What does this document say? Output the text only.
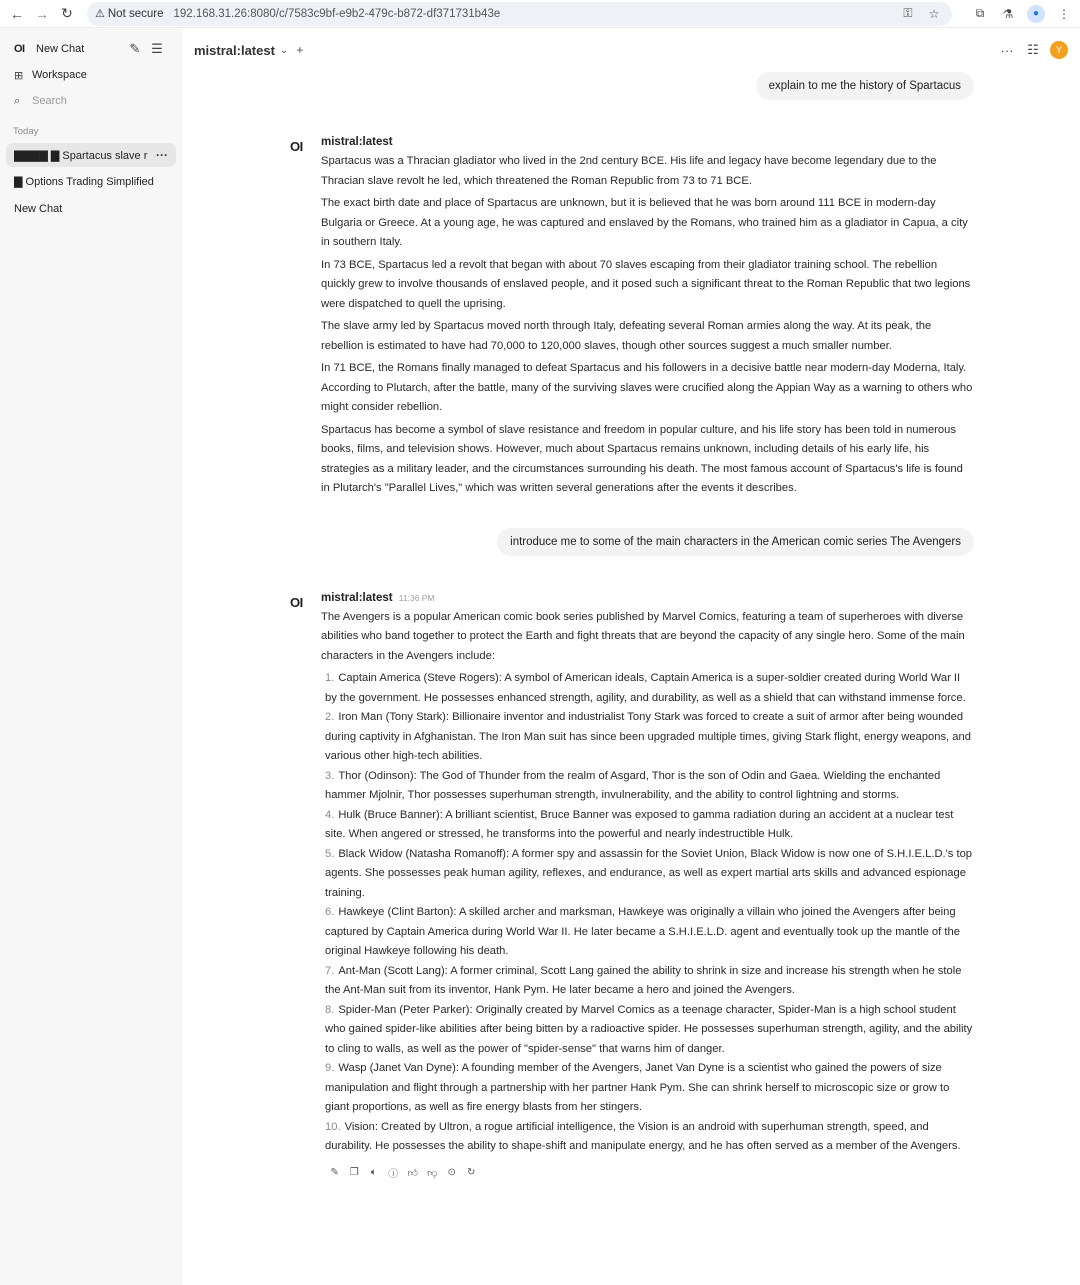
← → ↻	⚠ Not secure 192.168.31.26:8080/c/7583c9bf-e9b2-479c-b872-df371731b43e	⚿	☆	⧉	⚗	●	⋮
OI	New Chat	✎ ☰
⊞ Workspace
⌕	Search
Today
▇▇▇▇ ▇ Spartacus slave r ···
▇ Options Trading Simplified
New Chat
mistral:latest ⌄ +	···	☷	Y
explain to me the history of Spartacus
OI	mistral:latest

Spartacus was a Thracian gladiator who lived in the 2nd century BCE. His life and legacy have become legendary due to the Thracian slave revolt he led, which threatened the Roman Republic from 73 to 71 BCE.

The exact birth date and place of Spartacus are unknown, but it is believed that he was born around 111 BCE in modern-day Bulgaria or Greece. At a young age, he was captured and enslaved by the Romans, who trained him as a gladiator in Capua, a city in southern Italy.

In 73 BCE, Spartacus led a revolt that began with about 70 slaves escaping from their gladiator training school. The rebellion quickly grew to involve thousands of enslaved people, and it posed such a significant threat to the Roman Republic that two legions were dispatched to quell the uprising.

The slave army led by Spartacus moved north through Italy, defeating several Roman armies along the way. At its peak, the rebellion is estimated to have had 70,000 to 120,000 slaves, though other sources suggest a much smaller number.

In 71 BCE, the Romans finally managed to defeat Spartacus and his followers in a decisive battle near modern-day Moderna, Italy. According to Plutarch, after the battle, many of the surviving slaves were crucified along the Appian Way as a warning to others who might consider rebellion.

Spartacus has become a symbol of slave resistance and freedom in popular culture, and his life story has been told in numerous books, films, and television shows. However, much about Spartacus remains unknown, including details of his early life, his strategies as a military leader, and the circumstances surrounding his death. The most famous account of Spartacus's life is found in Plutarch's "Parallel Lives," which was written several generations after the events it describes.

introduce me to some of the main characters in the American comic series The Avengers
OI	mistral:latest 11:36 PM

The Avengers is a popular American comic book series published by Marvel Comics, featuring a team of superheroes with diverse abilities who band together to protect the Earth and fight threats that are beyond the capacity of any single hero. Some of the main characters in the Avengers include:

1. Captain America (Steve Rogers): A symbol of American ideals, Captain America is a super-soldier created during World War II by the government. He possesses enhanced strength, agility, and durability, as well as a shield that can withstand immense force.
2. Iron Man (Tony Stark): Billionaire inventor and industrialist Tony Stark was forced to create a suit of armor after being wounded during captivity in Afghanistan. The Iron Man suit has since been upgraded multiple times, giving Stark flight, energy weapons, and various other high-tech abilities.
3. Thor (Odinson): The God of Thunder from the realm of Asgard, Thor is the son of Odin and Gaea. Wielding the enchanted hammer Mjolnir, Thor possesses superhuman strength, invulnerability, and the ability to control lightning and storms.
4. Hulk (Bruce Banner): A brilliant scientist, Bruce Banner was exposed to gamma radiation during an accident at a nuclear test site. When angered or stressed, he transforms into the powerful and nearly indestructible Hulk.
5. Black Widow (Natasha Romanoff): A former spy and assassin for the Soviet Union, Black Widow is now one of S.H.I.E.L.D.'s top agents. She possesses peak human agility, reflexes, and endurance, as well as expert martial arts skills and advanced espionage training.
6. Hawkeye (Clint Barton): A skilled archer and marksman, Hawkeye was originally a villain who joined the Avengers after being captured by Captain America during World War II. He later became a S.H.I.E.L.D. agent and eventually took up the mantle of the original Hawkeye following his death.
7. Ant-Man (Scott Lang): A former criminal, Scott Lang gained the ability to shrink in size and increase his strength when he stole the Ant-Man suit from its inventor, Hank Pym. He later became a hero and joined the Avengers.
8. Spider-Man (Peter Parker): Originally created by Marvel Comics as a teenage character, Spider-Man is a high school student who gained spider-like abilities after being bitten by a radioactive spider. He possesses superhuman strength, agility, and the ability to cling to walls, as well as the power of "spider-sense" that warns him of danger.
9. Wasp (Janet Van Dyne): A founding member of the Avengers, Janet Van Dyne is a scientist who gained the powers of size manipulation and flight through a partnership with her partner Hank Pym. She can shrink herself to microscopic size or grow to giant proportions, as well as fire energy blasts from her stingers.
10. Vision: Created by Ultron, a rogue artificial intelligence, the Vision is an android with superhuman strength, speed, and durability. He possesses the ability to shape-shift and manipulate energy, and he has often served as a member of the Avengers.
✎	❐	🔈︎	ⓘ 👍︎ 👎︎	⊙	↻
